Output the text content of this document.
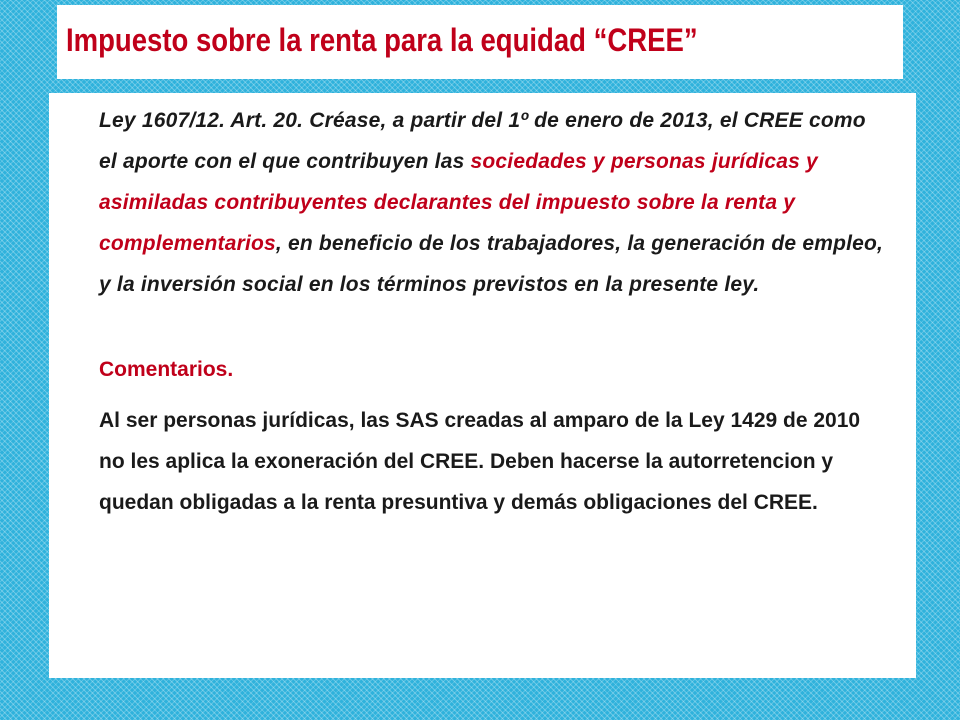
Impuesto sobre la renta para la equidad “CREE”

Ley 1607/12. Art. 20. Créase, a partir del 1º de enero de 2013, el CREE como el aporte con el que contribuyen las sociedades y personas jurídicas y asimiladas contribuyentes declarantes del impuesto sobre la renta y complementarios, en beneficio de los trabajadores, la generación de empleo, y la inversión social en los términos previstos en la presente ley.

Comentarios.

Al ser personas jurídicas, las SAS creadas al amparo de la Ley 1429 de 2010 no les aplica la exoneración del CREE. Deben hacerse la autorretencion y quedan obligadas a la renta presuntiva y demás obligaciones del CREE.
